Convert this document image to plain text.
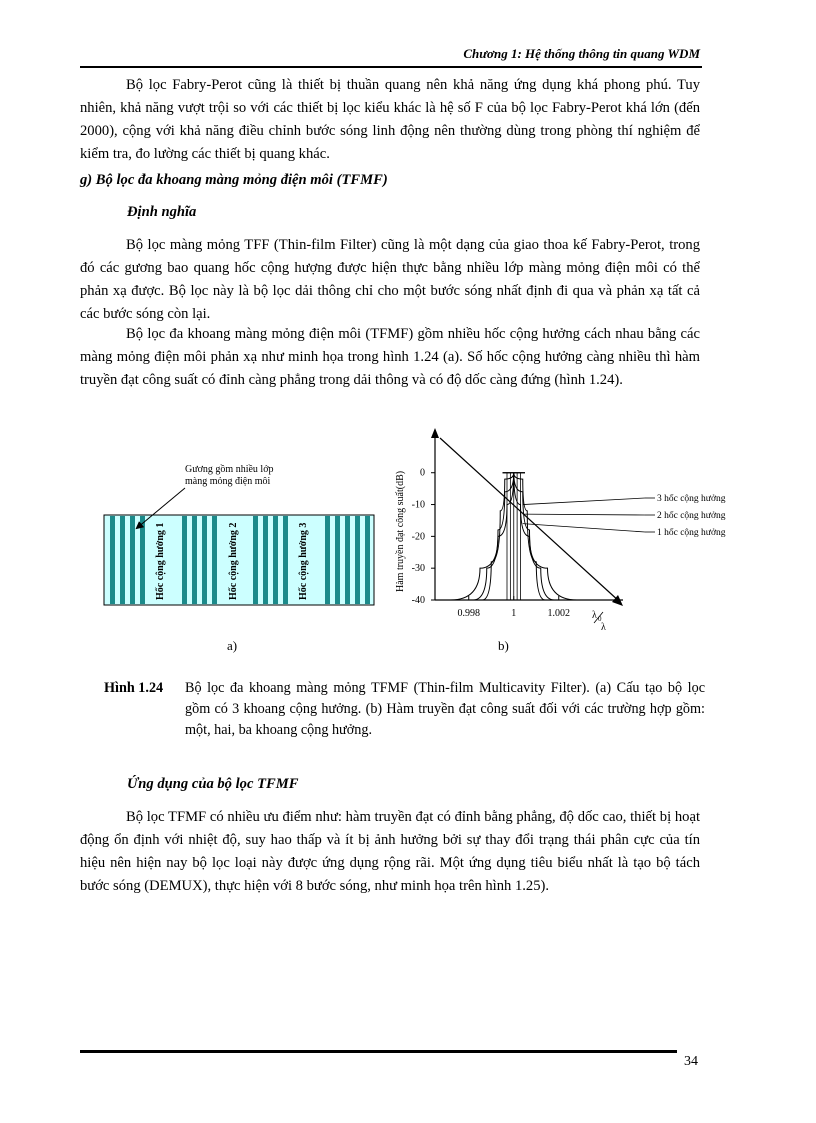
Chương 1: Hệ thống thông tin quang WDM

Bộ lọc Fabry-Perot cũng là thiết bị thuần quang nên khả năng ứng dụng khá phong phú. Tuy nhiên, khả năng vượt trội so với các thiết bị lọc kiểu khác là hệ số F của bộ lọc Fabry-Perot khá lớn (đến 2000), cộng với khả năng điều chỉnh bước sóng linh động nên thường dùng trong phòng thí nghiệm để kiểm tra, đo lường các thiết bị quang khác.

g) Bộ lọc đa khoang màng mỏng điện môi (TFMF)

Định nghĩa

Bộ lọc màng mỏng TFF (Thin-film Filter) cũng là một dạng của giao thoa kế Fabry-Perot, trong đó các gương bao quang hốc cộng hượng được hiện thực bằng nhiều lớp màng mỏng điện môi có thể phản xạ được. Bộ lọc này là bộ lọc dải thông chỉ cho một bước sóng nhất định đi qua và phản xạ tất cả các bước sóng còn lại.

Bộ lọc đa khoang màng mỏng điện môi (TFMF) gồm nhiều hốc cộng hưởng cách nhau bằng các màng mỏng điện môi phản xạ như minh họa trong hình 1.24 (a). Số hốc cộng hưởng càng nhiều thì hàm truyền đạt công suất có đỉnh càng phẳng trong dải thông và có độ dốc càng đứng (hình 1.24).

Hốc cộng hưởng 1	Hốc cộng hưởng 2	Hốc cộng hưởng 3
Gương gồm nhiều lớp
màng mỏng điện môi
0
-10
-20
-30
-40
0.998	1	1.002
3 hốc cộng hưởng
2 hốc cộng hưởng
1 hốc cộng hưởng
Hàm truyền đạt công suất(dB)
λ 0
λ
a)	b)
Hình 1.24 Bộ lọc đa khoang màng mỏng TFMF (Thin-film Multicavity Filter). (a) Cấu tạo bộ lọc gồm có 3 khoang cộng hưởng. (b) Hàm truyền đạt công suất đối với các trường hợp gồm: một, hai, ba khoang cộng hưởng.

Ứng dụng của bộ lọc TFMF

Bộ lọc TFMF có nhiều ưu điểm như: hàm truyền đạt có đỉnh bằng phẳng, độ dốc cao, thiết bị hoạt động ổn định với nhiệt độ, suy hao thấp và ít bị ảnh hưởng bởi sự thay đổi trạng thái phân cực của tín hiệu nên hiện nay bộ lọc loại này được ứng dụng rộng rãi. Một ứng dụng tiêu biểu nhất là tạo bộ tách bước sóng (DEMUX), thực hiện với 8 bước sóng, như minh họa trên hình 1.25).

34
